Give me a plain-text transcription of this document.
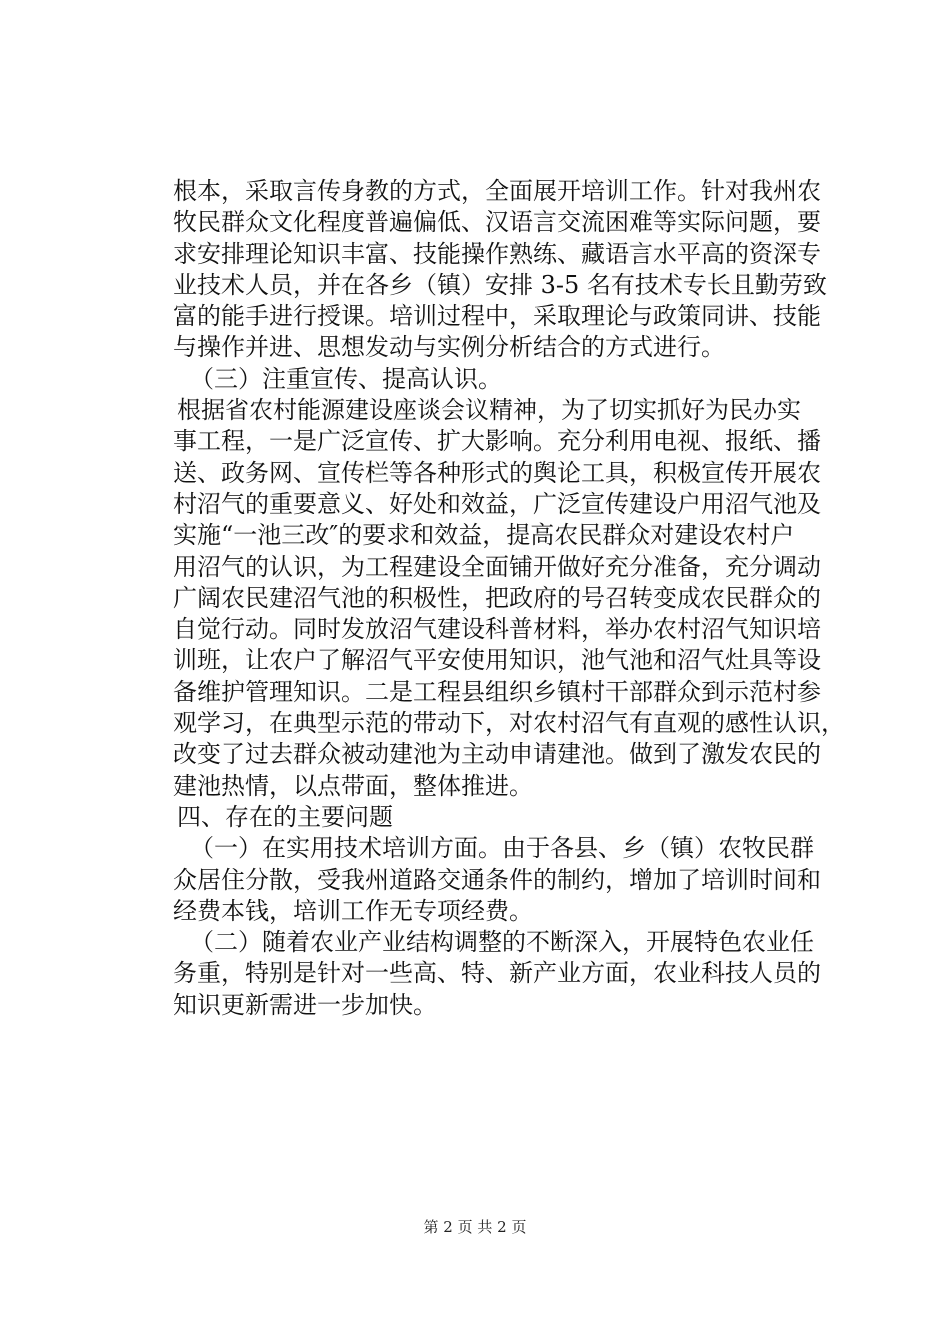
根本，采取言传身教的方式，全面展开培训工作。针对我州农
牧民群众文化程度普遍偏低、汉语言交流困难等实际问题，要
求安排理论知识丰富、技能操作熟练、藏语言水平高的资深专
业技术人员，并在各乡（镇）安排 3-5 名有技术专长且勤劳致
富的能手进行授课。培训过程中，采取理论与政策同讲、技能
与操作并进、思想发动与实例分析结合的方式进行。
（三）注重宣传、提高认识。
根据省农村能源建设座谈会议精神，为了切实抓好为民办实
事工程，一是广泛宣传、扩大影响。充分利用电视、报纸、播
送、政务网、宣传栏等各种形式的舆论工具，积极宣传开展农
村沼气的重要意义、好处和效益，广泛宣传建设户用沼气池及
实施“一池三改″的要求和效益，提高农民群众对建设农村户
用沼气的认识，为工程建设全面铺开做好充分准备，充分调动
广阔农民建沼气池的积极性，把政府的号召转变成农民群众的
自觉行动。同时发放沼气建设科普材料，举办农村沼气知识培
训班，让农户了解沼气平安使用知识，池气池和沼气灶具等设
备维护管理知识。二是工程县组织乡镇村干部群众到示范村参
观学习，在典型示范的带动下，对农村沼气有直观的感性认识，
改变了过去群众被动建池为主动申请建池。做到了激发农民的
建池热情，以点带面，整体推进。
四、存在的主要问题
（一）在实用技术培训方面。由于各县、乡（镇）农牧民群
众居住分散，受我州道路交通条件的制约，增加了培训时间和
经费本钱，培训工作无专项经费。
（二）随着农业产业结构调整的不断深入，开展特色农业任
务重，特别是针对一些高、特、新产业方面，农业科技人员的
知识更新需进一步加快。
第 2 页 共 2 页
